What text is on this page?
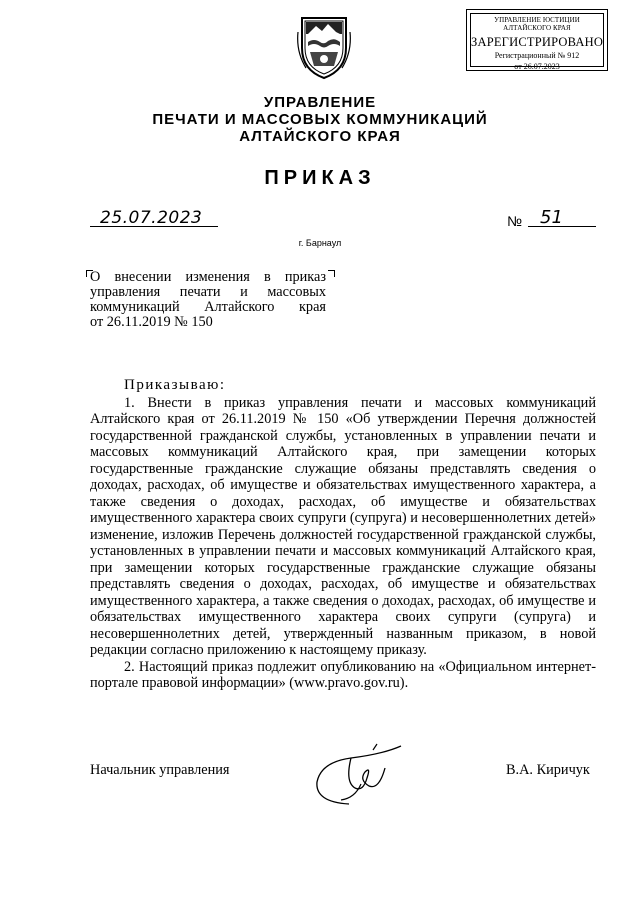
УПРАВЛЕНИЕ ЮСТИЦИИ
АЛТАЙСКОГО КРАЯ
ЗАРЕГИСТРИРОВАНО
Регистрационный № 912
от 26.07.2023
УПРАВЛЕНИЕ
ПЕЧАТИ И МАССОВЫХ КОММУНИКАЦИЙ
АЛТАЙСКОГО КРАЯ
ПРИКАЗ
25.07.2023	№ 51
г. Барнаул
О внесении изменения в приказ
управления печати и массовых
коммуникаций Алтайского края
от 26.11.2019 № 150
Приказываю:

1. Внести в приказ управления печати и массовых коммуникаций Алтайского края от 26.11.2019 № 150 «Об утверждении Перечня должностей государственной гражданской службы, установленных в управлении печати и массовых коммуникаций Алтайского края, при замещении которых государственные гражданские служащие обязаны представлять сведения о доходах, расходах, об имуществе и обязательствах имущественного характера, а также сведения о доходах, расходах, об имуществе и обязательствах имущественного характера своих супруги (супруга) и несовершеннолетних детей» изменение, изложив Перечень должностей государственной гражданской службы, установленных в управлении печати и массовых коммуникаций Алтайского края, при замещении которых государственные гражданские служащие обязаны представлять сведения о доходах, расходах, об имуществе и обязательствах имущественного характера, а также сведения о доходах, расходах, об имуществе и обязательствах имущественного характера своих супруги (супруга) и несовершеннолетних детей, утвержденный названным приказом, в новой редакции согласно приложению к настоящему приказу.

2. Настоящий приказ подлежит опубликованию на «Официальном интернет-портале правовой информации» (www.pravo.gov.ru).

Начальник управления	В.А. Киричук
